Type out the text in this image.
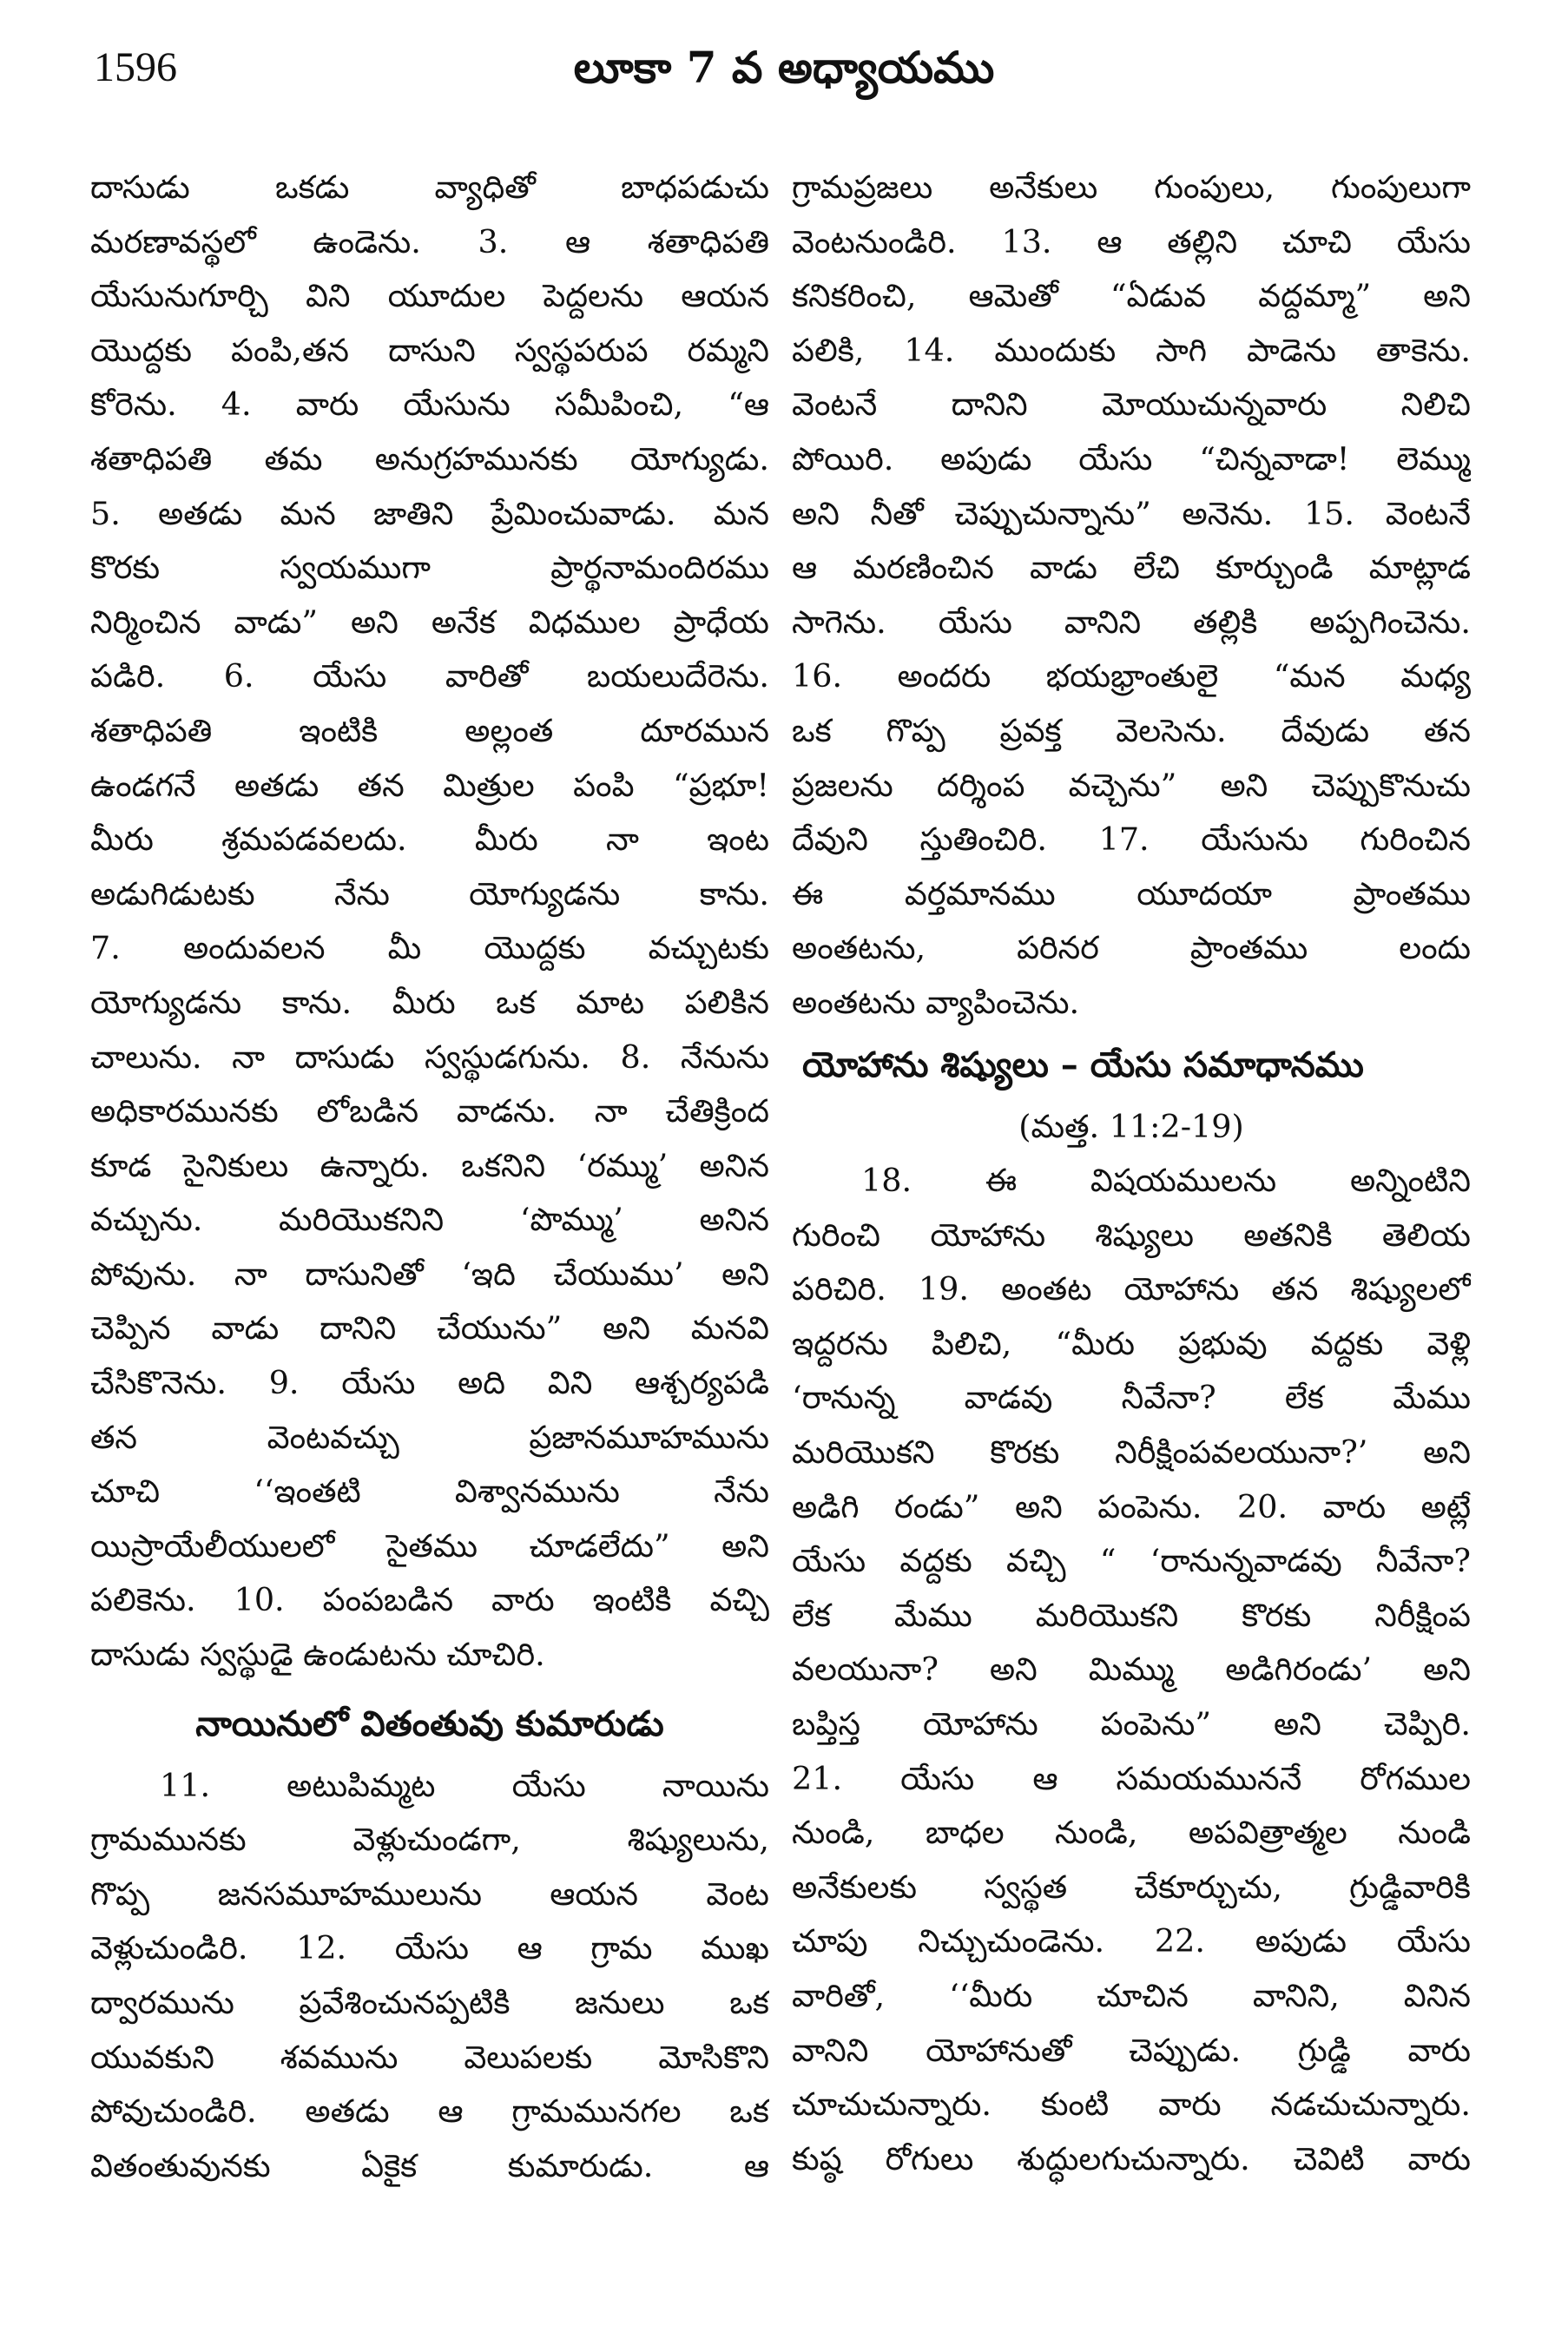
1596	లూకా 7 వ అధ్యాయము
దాసుడు ఒకడు వ్యాధితో బాధపడుచు
మరణావస్థలో ఉండెను. 3. ఆ శతాధిపతి
యేసునుగూర్చి విని యూదుల పెద్దలను ఆయన
యొద్దకు పంపి,తన దాసుని స్వస్థపరుప రమ్మని
కోరెను. 4. వారు యేసును సమీపించి, “ఆ
శతాధిపతి తమ అనుగ్రహమునకు యోగ్యుడు.
5. అతడు మన జాతిని ప్రేమించువాడు. మన
కొరకు స్వయముగా ప్రార్థనామందిరము
నిర్మించిన వాడు” అని అనేక విధముల ప్రాధేయ
పడిరి. 6. యేసు వారితో బయలుదేరెను.
శతాధిపతి ఇంటికి అల్లంత దూరమున
ఉండగనే అతడు తన మిత్రుల పంపి “ప్రభూ!
మీరు శ్రమపడవలదు. మీరు నా ఇంట
అడుగిడుటకు నేను యోగ్యుడను కాను.
7. అందువలన మీ యొద్దకు వచ్చుటకు
యోగ్యుడను కాను. మీరు ఒక మాట పలికిన
చాలును. నా దాసుడు స్వస్థుడగును. 8. నేనును
అధికారమునకు లోబడిన వాడను. నా చేతిక్రింద
కూడ సైనికులు ఉన్నారు. ఒకనిని ‘రమ్ము’ అనిన
వచ్చును. మరియొకనిని ‘పొమ్ము’ అనిన
పోవును. నా దాసునితో ‘ఇది చేయుము’ అని
చెప్పిన వాడు దానిని చేయును” అని మనవి
చేసికొనెను. 9. యేసు అది విని ఆశ్చర్యపడి
తన వెంటవచ్చు ప్రజానమూహమును
చూచి ‘‘ఇంతటి విశ్వానమును నేను
యిస్రాయేలీయులలో సైతము చూడలేదు” అని
పలికెను. 10. పంపబడిన వారు ఇంటికి వచ్చి
దాసుడు స్వస్థుడై ఉండుటను చూచిరి.
నాయినులో వితంతువు కుమారుడు
11. అటుపిమ్మట యేసు నాయిను
గ్రామమునకు వెళ్లుచుండగా, శిష్యులును,
గొప్ప జనసమూహములును ఆయన వెంట
వెళ్లుచుండిరి. 12. యేసు ఆ గ్రామ ముఖ
ద్వారమును ప్రవేశించునప్పటికి జనులు ఒక
యువకుని శవమును వెలుపలకు మోసికొని
పోవుచుండిరి. అతడు ఆ గ్రామమునగల ఒక
వితంతువునకు ఏకైక కుమారుడు. ఆ
గ్రామప్రజలు అనేకులు గుంపులు, గుంపులుగా
వెంటనుండిరి. 13. ఆ తల్లిని చూచి యేసు
కనికరించి, ఆమెతో “ఏడువ వద్దమ్మా” అని
పలికి, 14. ముందుకు సాగి పాడెను తాకెను.
వెంటనే దానిని మోయుచున్నవారు నిలిచి
పోయిరి. అపుడు యేసు “చిన్నవాడా! లెమ్ము
అని నీతో చెప్పుచున్నాను” అనెను. 15. వెంటనే
ఆ మరణించిన వాడు లేచి కూర్చుండి మాట్లాడ
సాగెను. యేసు వానిని తల్లికి అప్పగించెను.
16. అందరు భయభ్రాంతులై “మన మధ్య
ఒక గొప్ప ప్రవక్త వెలసెను. దేవుడు తన
ప్రజలను దర్శింప వచ్చెను” అని చెప్పుకొనుచు
దేవుని స్తుతించిరి. 17. యేసును గురించిన
ఈ వర్తమానము యూదయా ప్రాంతము
అంతటను, పరినర ప్రాంతము లందు
అంతటను వ్యాపించెను.
యోహాను శిష్యులు – యేసు సమాధానము
(మత్త. 11:2-19)
18. ఈ విషయములను అన్నింటిని
గురించి యోహాను శిష్యులు అతనికి తెలియ
పరిచిరి. 19. అంతట యోహాను తన శిష్యులలో
ఇద్దరను పిలిచి, “మీరు ప్రభువు వద్దకు వెళ్లి
‘రానున్న వాడవు నీవేనా? లేక మేము
మరియొకని కొరకు నిరీక్షింపవలయునా?’ అని
అడిగి రండు” అని పంపెను. 20. వారు అట్లే
యేసు వద్దకు వచ్చి “ ‘రానున్నవాడవు నీవేనా?
లేక మేము మరియొకని కొరకు నిరీక్షింప
వలయునా? అని మిమ్ము అడిగిరండు’ అని
బప్తిస్త యోహాను పంపెను” అని చెప్పిరి.
21. యేసు ఆ సమయముననే రోగముల
నుండి, బాధల నుండి, అపవిత్రాత్మల నుండి
అనేకులకు స్వస్థత చేకూర్చుచు, గ్రుడ్డివారికి
చూపు నిచ్చుచుండెను. 22. అపుడు యేసు
వారితో, ‘‘మీరు చూచిన వానిని, వినిన
వానిని యోహానుతో చెప్పుడు. గ్రుడ్డి వారు
చూచుచున్నారు. కుంటి వారు నడచుచున్నారు.
కుష్ఠ రోగులు శుద్ధులగుచున్నారు. చెవిటి వారు
